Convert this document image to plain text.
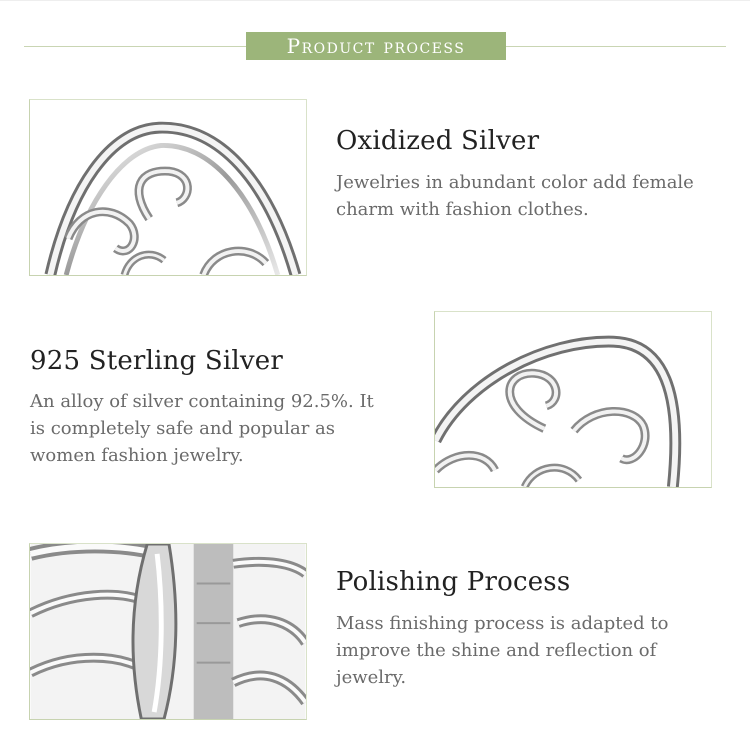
Product process
Oxidized Silver
Jewelries in abundant color add female
charm with fashion clothes.
925 Sterling Silver
An alloy of silver containing 92.5%. It
is completely safe and popular as
women fashion jewelry.
Polishing Process
Mass finishing process is adapted to
improve the shine and reflection of
jewelry.
